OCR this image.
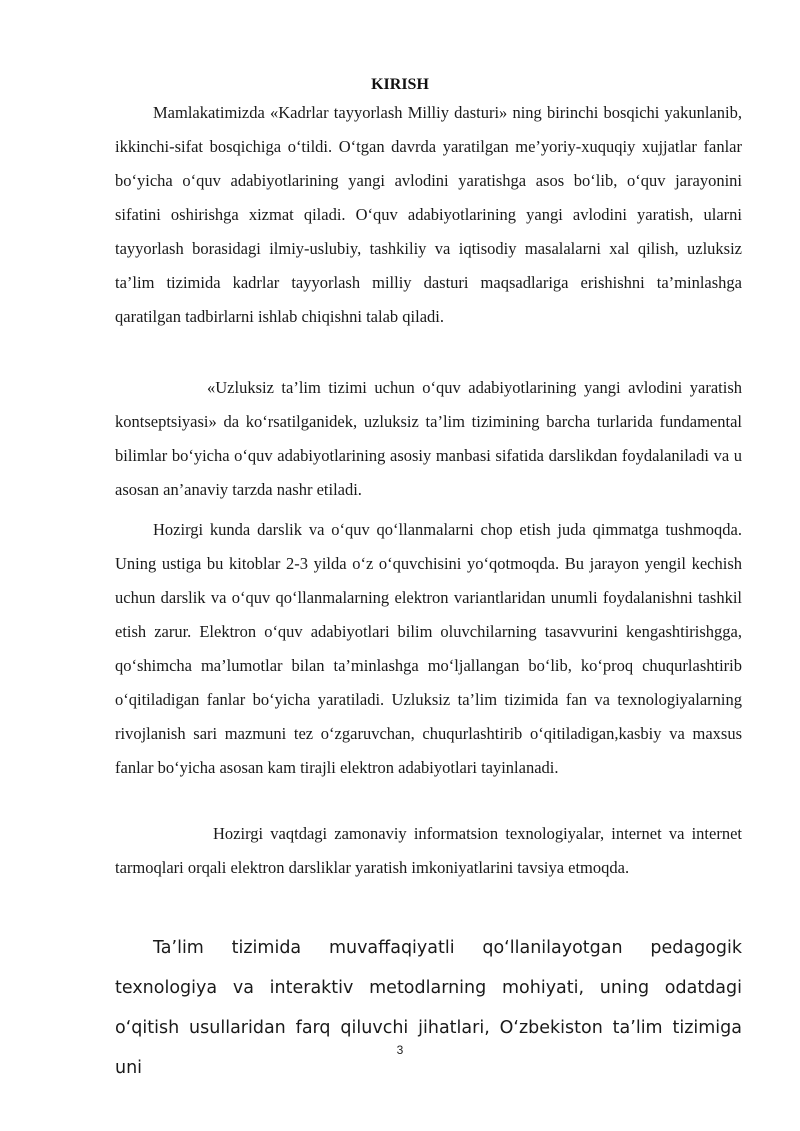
KIRISH

Mamlakatimizda «Kadrlar tayyorlash Milliy dasturi» ning birinchi bosqichi yakunlanib, ikkinchi-sifat bosqichiga o‘tildi. O‘tgan davrda yaratilgan me’yoriy-xuquqiy xujjatlar fanlar bo‘yicha o‘quv adabiyotlarining yangi avlodini yaratishga asos bo‘lib, o‘quv jarayonini sifatini oshirishga xizmat qiladi. O‘quv adabiyotlarining yangi avlodini yaratish, ularni tayyorlash borasidagi ilmiy-uslubiy, tashkiliy va iqtisodiy masalalarni xal qilish, uzluksiz ta’lim tizimida kadrlar tayyorlash milliy dasturi maqsadlariga erishishni ta’minlashga qaratilgan tadbirlarni ishlab chiqishni talab qiladi.

«Uzluksiz ta’lim tizimi uchun o‘quv adabiyotlarining yangi avlodini yaratish kontseptsiyasi» da ko‘rsatilganidek, uzluksiz ta’lim tizimining barcha turlarida fundamental bilimlar bo‘yicha o‘quv adabiyotlarining asosiy manbasi sifatida darslikdan foydalaniladi va u asosan an’anaviy tarzda nashr etiladi.

Hozirgi kunda darslik va o‘quv qo‘llanmalarni chop etish juda qimmatga tushmoqda. Uning ustiga bu kitoblar 2-3 yilda o‘z o‘quvchisini yo‘qotmoqda. Bu jarayon yengil kechish uchun darslik va o‘quv qo‘llanmalarning elektron variantlaridan unumli foydalanishni tashkil etish zarur. Elektron o‘quv adabiyotlari bilim oluvchilarning tasavvurini kengashtirishgga, qo‘shimcha ma’lumotlar bilan ta’minlashga mo‘ljallangan bo‘lib, ko‘proq chuqurlashtirib o‘qitiladigan fanlar bo‘yicha yaratiladi. Uzluksiz ta’lim tizimida fan va texnologiyalarning rivojlanish sari mazmuni tez o‘zgaruvchan, chuqurlashtirib o‘qitiladigan,kasbiy va maxsus fanlar bo‘yicha asosan kam tirajli elektron adabiyotlari tayinlanadi.

Hozirgi vaqtdagi zamonaviy informatsion texnologiyalar, internet va internet tarmoqlari orqali elektron darsliklar yaratish imkoniyatlarini tavsiya etmoqda.

Ta’lim tizimida muvaffaqiyatli qo‘llanilayotgan pedagogik texnologiya va interaktiv metodlarning mohiyati, uning odatdagi o‘qitish usullaridan farq qiluvchi jihatlari, O‘zbekiston ta’lim tizimiga uni

3
